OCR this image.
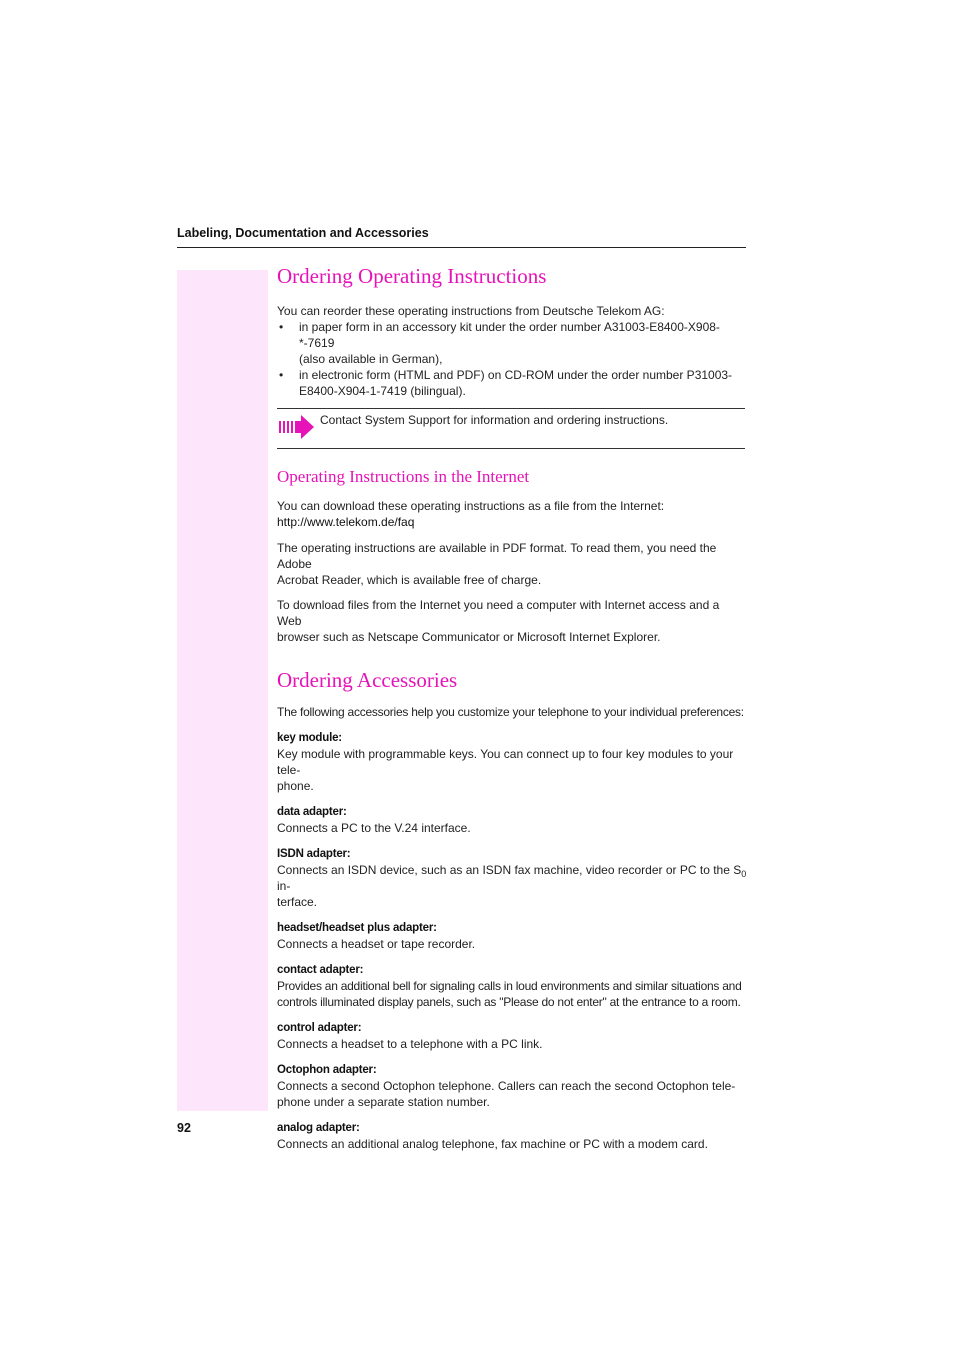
Labeling, Documentation and Accessories
Ordering Operating Instructions

You can reorder these operating instructions from Deutsche Telekom AG:

• in paper form in an accessory kit under the order number A31003-E8400-X908-*-7619
(also available in German),
• in electronic form (HTML and PDF) on CD-ROM under the order number P31003-
E8400-X904-1-7419 (bilingual).
Contact System Support for information and ordering instructions.
Operating Instructions in the Internet

You can download these operating instructions as a file from the Internet:
http://www.telekom.de/faq

The operating instructions are available in PDF format. To read them, you need the Adobe
Acrobat Reader, which is available free of charge.

To download files from the Internet you need a computer with Internet access and a Web
browser such as Netscape Communicator or Microsoft Internet Explorer.

Ordering Accessories

The following accessories help you customize your telephone to your individual preferences:

key module:
Key module with programmable keys. You can connect up to four key modules to your tele-
phone.
data adapter:
Connects a PC to the V.24 interface.
ISDN adapter:
Connects an ISDN device, such as an ISDN fax machine, video recorder or PC to the $S_0$ in-
terface.
headset/headset plus adapter:
Connects a headset or tape recorder.
contact adapter:
Provides an additional bell for signaling calls in loud environments and similar situations and
controls illuminated display panels, such as "Please do not enter" at the entrance to a room.
control adapter:
Connects a headset to a telephone with a PC link.
Octophon adapter:
Connects a second Octophon telephone. Callers can reach the second Octophon tele-
phone under a separate station number.
analog adapter:
Connects an additional analog telephone, fax machine or PC with a modem card.
92
